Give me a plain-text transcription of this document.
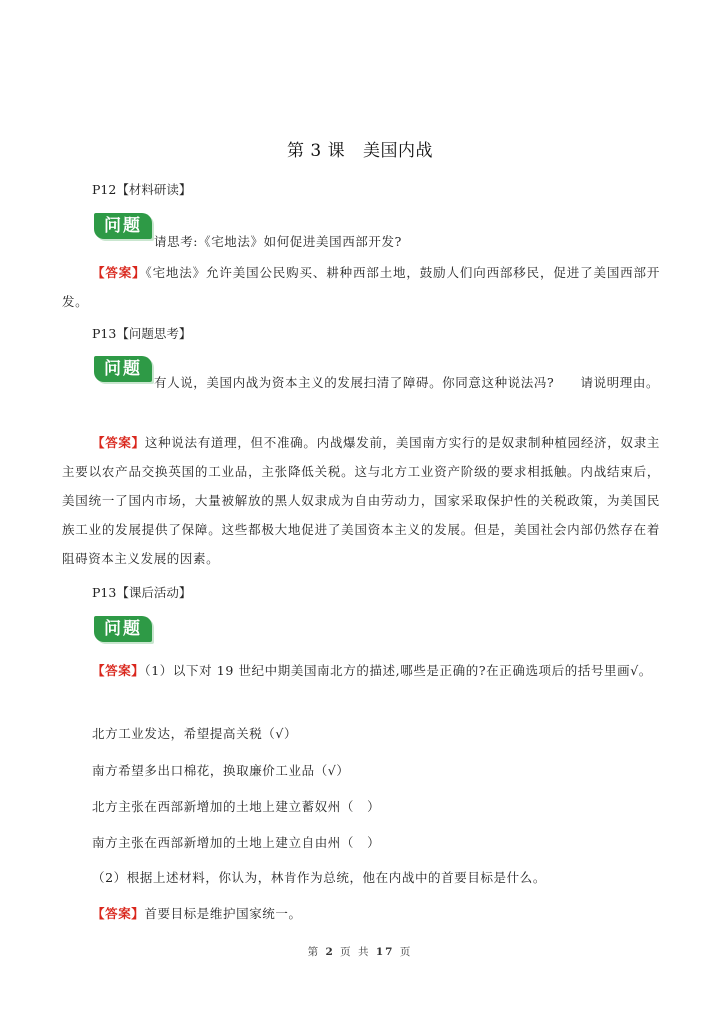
第 3 课 美国内战
P12【材料研读】
问题
请思考:《宅地法》如何促进美国西部开发?
【答案】《宅地法》允许美国公民购买、耕种西部土地，鼓励人们向西部移民，促进了美国西部开发。
P13【问题思考】
问题
有人说，美国内战为资本主义的发展扫清了障碍。你同意这种说法冯?　　请说明理由。
【答案】这种说法有道理，但不准确。内战爆发前，美国南方实行的是奴隶制种植园经济，奴隶主主要以农产品交换英国的工业品，主张降低关税。这与北方工业资产阶级的要求相抵触。内战结束后，美国统一了国内市场，大量被解放的黑人奴隶成为自由劳动力，国家采取保护性的关税政策，为美国民族工业的发展提供了保障。这些都极大地促进了美国资本主义的发展。但是，美国社会内部仍然存在着阻碍资本主义发展的因素。
P13【课后活动】
问题
【答案】（1）以下对 19 世纪中期美国南北方的描述,哪些是正确的?在正确选项后的括号里画√。
北方工业发达，希望提高关税（√）
南方希望多出口棉花，换取廉价工业品（√）
北方主张在西部新增加的土地上建立蓄奴州（　）
南方主张在西部新增加的土地上建立自由州（　）
（2）根据上述材料，你认为，林肯作为总统，他在内战中的首要目标是什么。
【答案】首要目标是维护国家统一。
第 2 页 共 17 页
